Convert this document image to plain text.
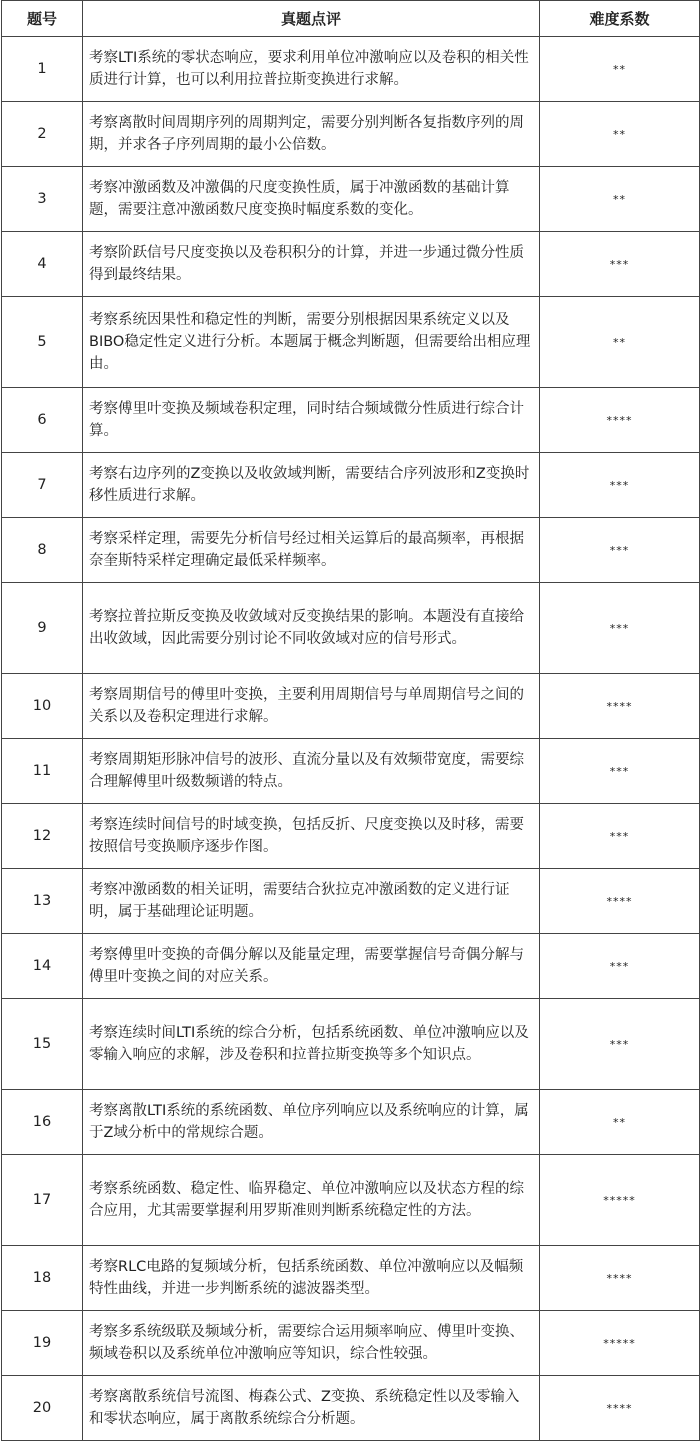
题号	真题点评	难度系数
1	考察LTI系统的零状态响应，要求利用单位冲激响应以及卷积的相关性质进行计算，也可以利用拉普拉斯变换进行求解。	**
2	考察离散时间周期序列的周期判定，需要分别判断各复指数序列的周期，并求各子序列周期的最小公倍数。	**
3	考察冲激函数及冲激偶的尺度变换性质，属于冲激函数的基础计算题，需要注意冲激函数尺度变换时幅度系数的变化。	**
4	考察阶跃信号尺度变换以及卷积积分的计算，并进一步通过微分性质得到最终结果。	***
5	考察系统因果性和稳定性的判断，需要分别根据因果系统定义以及BIBO稳定性定义进行分析。本题属于概念判断题，但需要给出相应理由。	**
6	考察傅里叶变换及频域卷积定理，同时结合频域微分性质进行综合计算。	****
7	考察右边序列的Z变换以及收敛域判断，需要结合序列波形和Z变换时移性质进行求解。	***
8	考察采样定理，需要先分析信号经过相关运算后的最高频率，再根据奈奎斯特采样定理确定最低采样频率。	***
9	考察拉普拉斯反变换及收敛域对反变换结果的影响。本题没有直接给出收敛域，因此需要分别讨论不同收敛域对应的信号形式。	***
10	考察周期信号的傅里叶变换，主要利用周期信号与单周期信号之间的关系以及卷积定理进行求解。	****
11	考察周期矩形脉冲信号的波形、直流分量以及有效频带宽度，需要综合理解傅里叶级数频谱的特点。	***
12	考察连续时间信号的时域变换，包括反折、尺度变换以及时移，需要按照信号变换顺序逐步作图。	***
13	考察冲激函数的相关证明，需要结合狄拉克冲激函数的定义进行证明，属于基础理论证明题。	****
14	考察傅里叶变换的奇偶分解以及能量定理，需要掌握信号奇偶分解与傅里叶变换之间的对应关系。	***
15	考察连续时间LTI系统的综合分析，包括系统函数、单位冲激响应以及零输入响应的求解，涉及卷积和拉普拉斯变换等多个知识点。	***
16	考察离散LTI系统的系统函数、单位序列响应以及系统响应的计算，属于Z域分析中的常规综合题。	**
17	考察系统函数、稳定性、临界稳定、单位冲激响应以及状态方程的综合应用，尤其需要掌握利用罗斯准则判断系统稳定性的方法。	*****
18	考察RLC电路的复频域分析，包括系统函数、单位冲激响应以及幅频特性曲线，并进一步判断系统的滤波器类型。	****
19	考察多系统级联及频域分析，需要综合运用频率响应、傅里叶变换、频域卷积以及系统单位冲激响应等知识，综合性较强。	*****
20	考察离散系统信号流图、梅森公式、Z变换、系统稳定性以及零输入和零状态响应，属于离散系统综合分析题。	****
